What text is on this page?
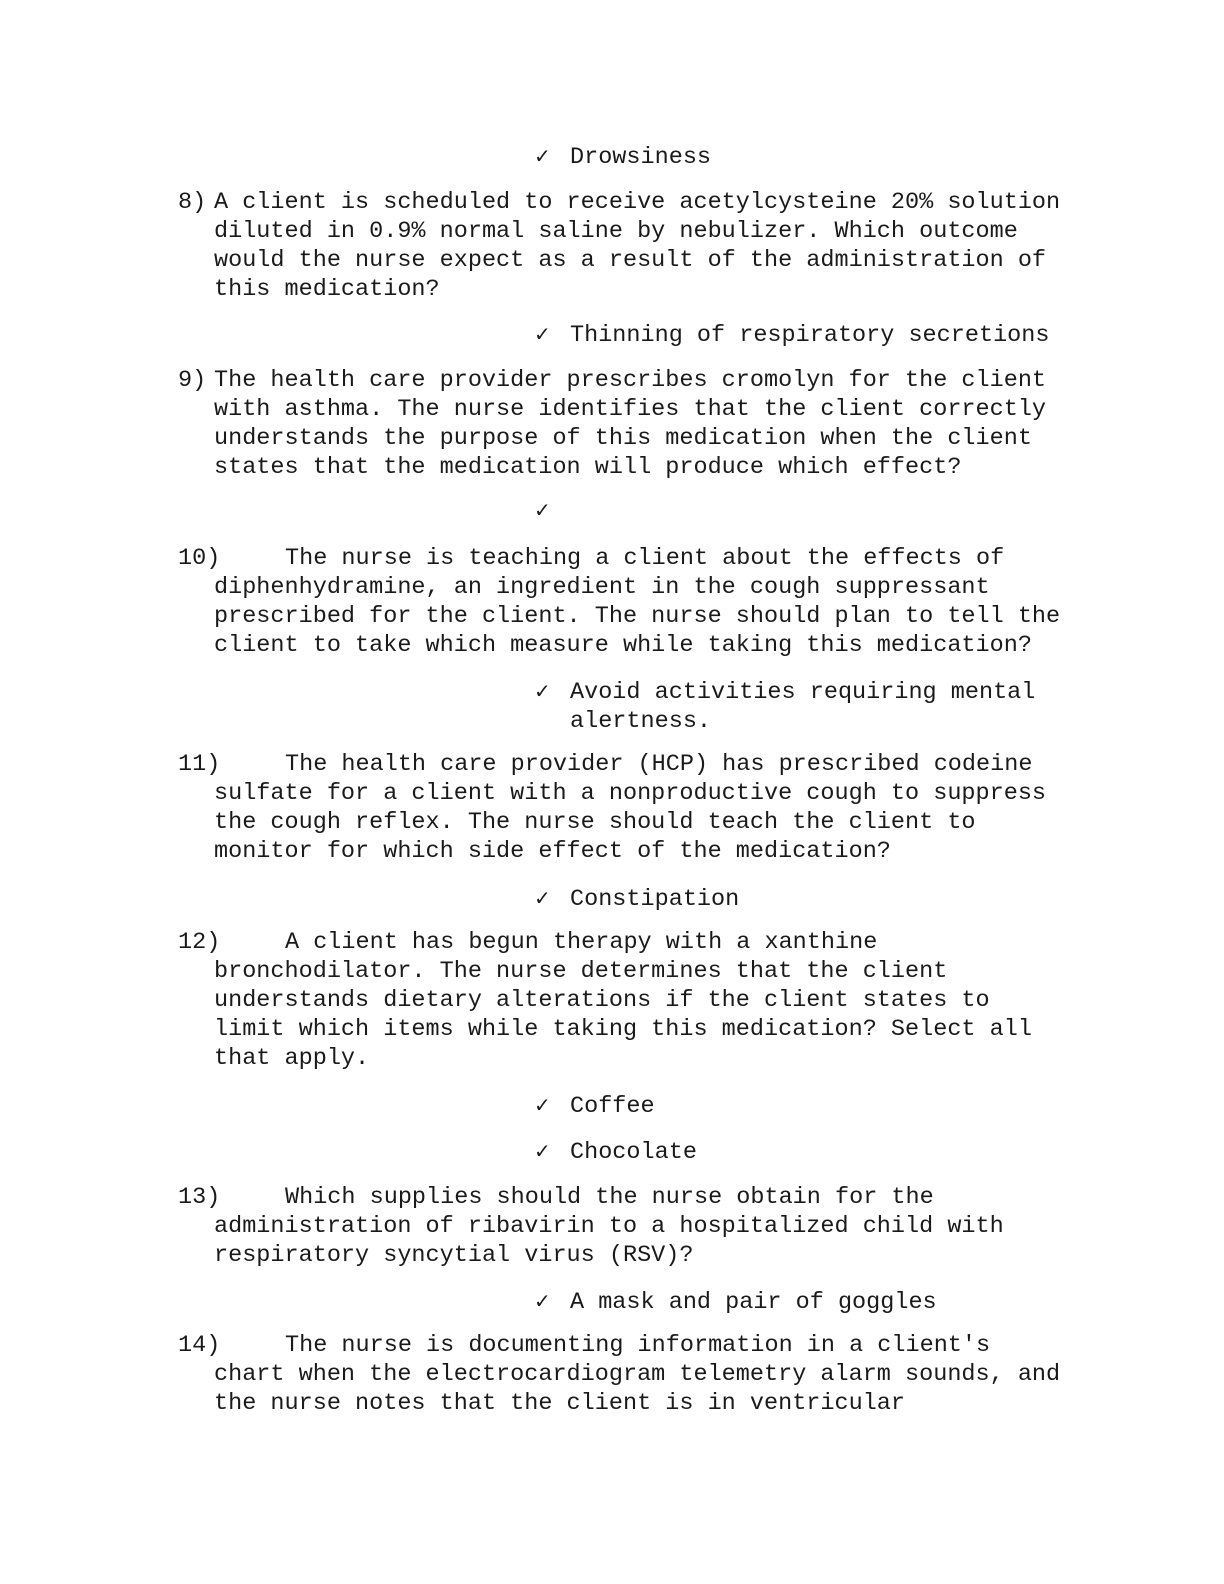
✓ Drowsiness
8) A client is scheduled to receive acetylcysteine 20% solution
diluted in 0.9% normal saline by nebulizer. Which outcome
would the nurse expect as a result of the administration of
this medication?
✓ Thinning of respiratory secretions
9) The health care provider prescribes cromolyn for the client
with asthma. The nurse identifies that the client correctly
understands the purpose of this medication when the client
states that the medication will produce which effect?
✓
10)	The nurse is teaching a client about the effects of
diphenhydramine, an ingredient in the cough suppressant
prescribed for the client. The nurse should plan to tell the
client to take which measure while taking this medication?
✓ Avoid activities requiring mental
alertness.
11)	The health care provider (HCP) has prescribed codeine
sulfate for a client with a nonproductive cough to suppress
the cough reflex. The nurse should teach the client to
monitor for which side effect of the medication?
✓ Constipation
12)	A client has begun therapy with a xanthine
bronchodilator. The nurse determines that the client
understands dietary alterations if the client states to
limit which items while taking this medication? Select all
that apply.
✓ Coffee
✓ Chocolate
13)	Which supplies should the nurse obtain for the
administration of ribavirin to a hospitalized child with
respiratory syncytial virus (RSV)?
✓ A mask and pair of goggles
14)	The nurse is documenting information in a client's
chart when the electrocardiogram telemetry alarm sounds, and
the nurse notes that the client is in ventricular
